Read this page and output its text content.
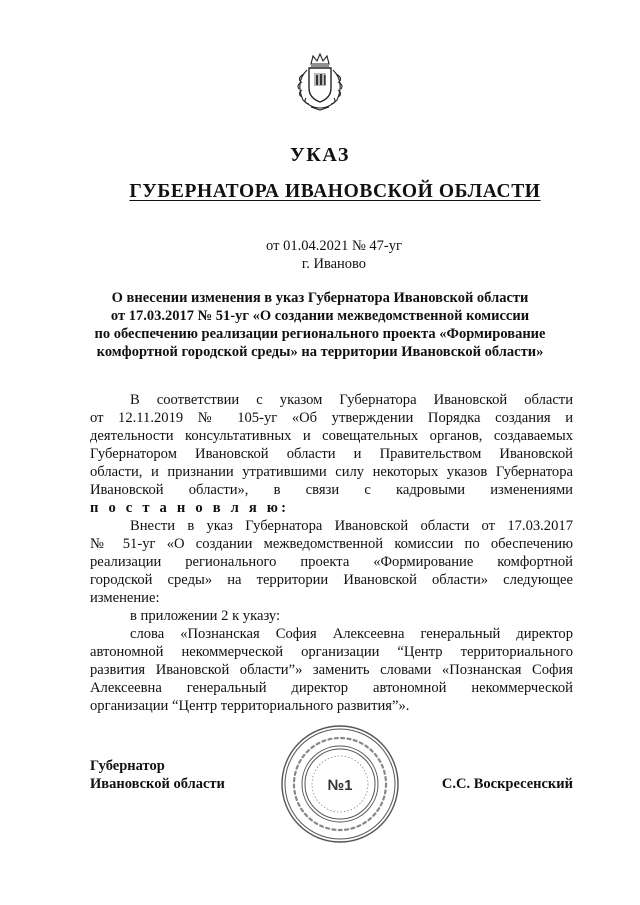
УКАЗ
ГУБЕРНАТОРА ИВАНОВСКОЙ ОБЛАСТИ
от 01.04.2021 № 47-уг
г. Иваново
О внесении изменения в указ Губернатора Ивановской области
от 17.03.2017 № 51-уг «О создании межведомственной комиссии
по обеспечению реализации регионального проекта «Формирование
комфортной городской среды» на территории Ивановской области»

В соответствии с указом Губернатора Ивановской области

от 12.11.2019 № 105-уг «Об утверждении Порядка создания и

деятельности консультативных и совещательных органов, создаваемых

Губернатором Ивановской области и Правительством Ивановской

области, и признании утратившими силу некоторых указов Губернатора

Ивановской области», в связи с кадровыми изменениями

п о с т а н о в л я ю:

Внести в указ Губернатора Ивановской области от 17.03.2017

№ 51-уг «О создании межведомственной комиссии по обеспечению

реализации регионального проекта «Формирование комфортной

городской среды» на территории Ивановской области» следующее

изменение:

в приложении 2 к указу:

слова «Познанская София Алексеевна генеральный директор

автономной некоммерческой организации “Центр территориального

развития Ивановской области”» заменить словами «Познанская София

Алексеевна генеральный директор автономной некоммерческой

организации “Центр территориального развития”».

Губернатор
Ивановской области	№1	С.С. Воскресенский
